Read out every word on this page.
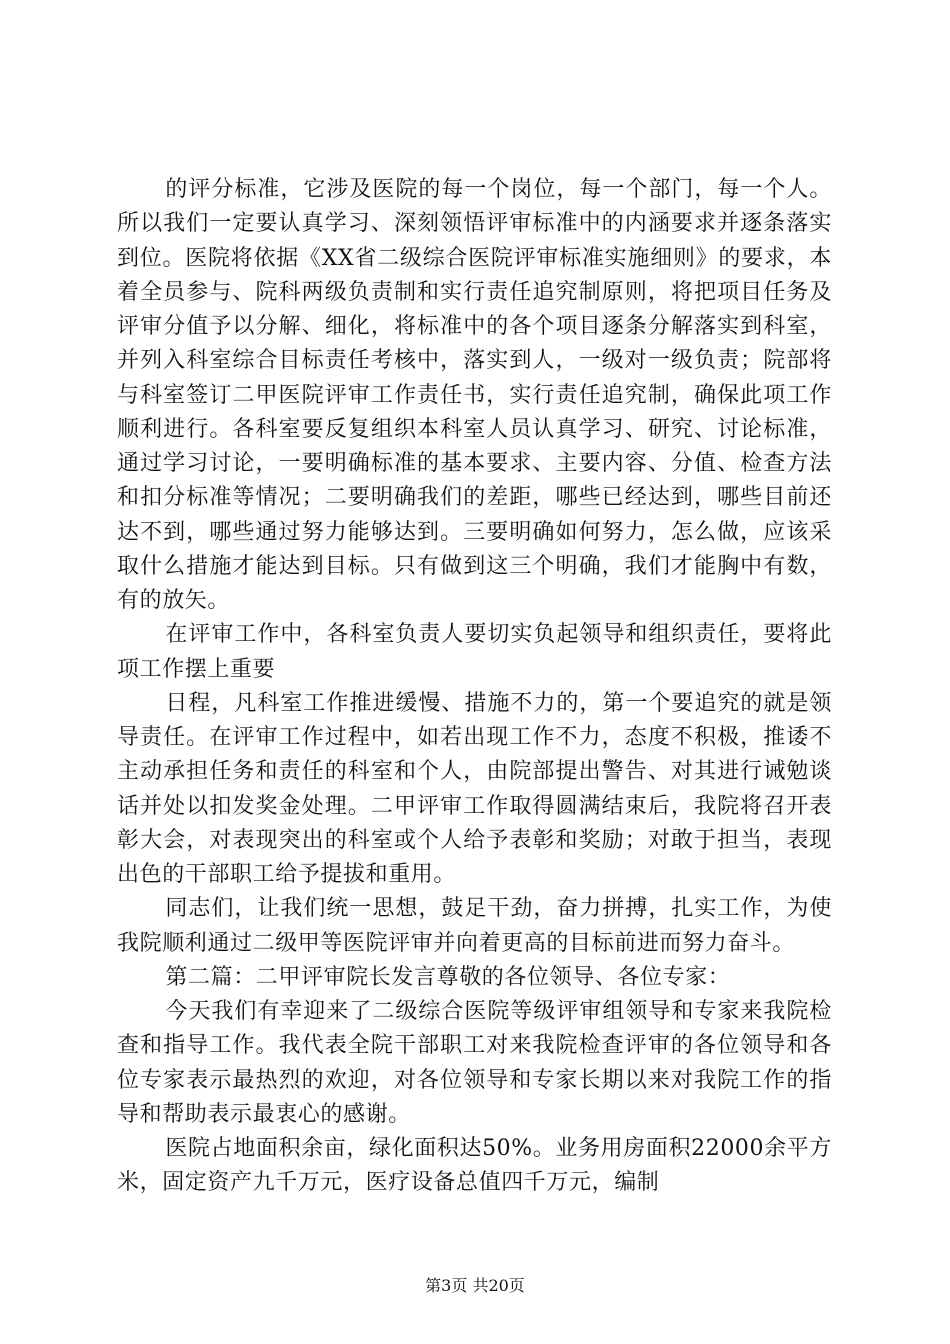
的评分标准，它涉及医院的每一个岗位，每一个部门，每一个人。所以我们一定要认真学习、深刻领悟评审标准中的内涵要求并逐条落实到位。医院将依据《XX省二级综合医院评审标准实施细则》的要求，本着全员参与、院科两级负责制和实行责任追究制原则，将把项目任务及评审分值予以分解、细化，将标准中的各个项目逐条分解落实到科室，并列入科室综合目标责任考核中，落实到人，一级对一级负责；院部将与科室签订二甲医院评审工作责任书，实行责任追究制，确保此项工作顺利进行。各科室要反复组织本科室人员认真学习、研究、讨论标准，通过学习讨论，一要明确标准的基本要求、主要内容、分值、检查方法和扣分标准等情况；二要明确我们的差距，哪些已经达到，哪些目前还达不到，哪些通过努力能够达到。三要明确如何努力，怎么做，应该采取什么措施才能达到目标。只有做到这三个明确，我们才能胸中有数，有的放矢。

在评审工作中，各科室负责人要切实负起领导和组织责任，要将此项工作摆上重要

日程，凡科室工作推进缓慢、措施不力的，第一个要追究的就是领导责任。在评审工作过程中，如若出现工作不力，态度不积极，推诿不主动承担任务和责任的科室和个人，由院部提出警告、对其进行诫勉谈话并处以扣发奖金处理。二甲评审工作取得圆满结束后，我院将召开表彰大会，对表现突出的科室或个人给予表彰和奖励；对敢于担当，表现出色的干部职工给予提拔和重用。

同志们，让我们统一思想，鼓足干劲，奋力拼搏，扎实工作，为使我院顺利通过二级甲等医院评审并向着更高的目标前进而努力奋斗。

第二篇：二甲评审院长发言尊敬的各位领导、各位专家：

今天我们有幸迎来了二级综合医院等级评审组领导和专家来我院检查和指导工作。我代表全院干部职工对来我院检查评审的各位领导和各位专家表示最热烈的欢迎，对各位领导和专家长期以来对我院工作的指导和帮助表示最衷心的感谢。

医院占地面积余亩，绿化面积达50%。业务用房面积22000余平方米，固定资产九千万元，医疗设备总值四千万元，编制

第3页 共20页
